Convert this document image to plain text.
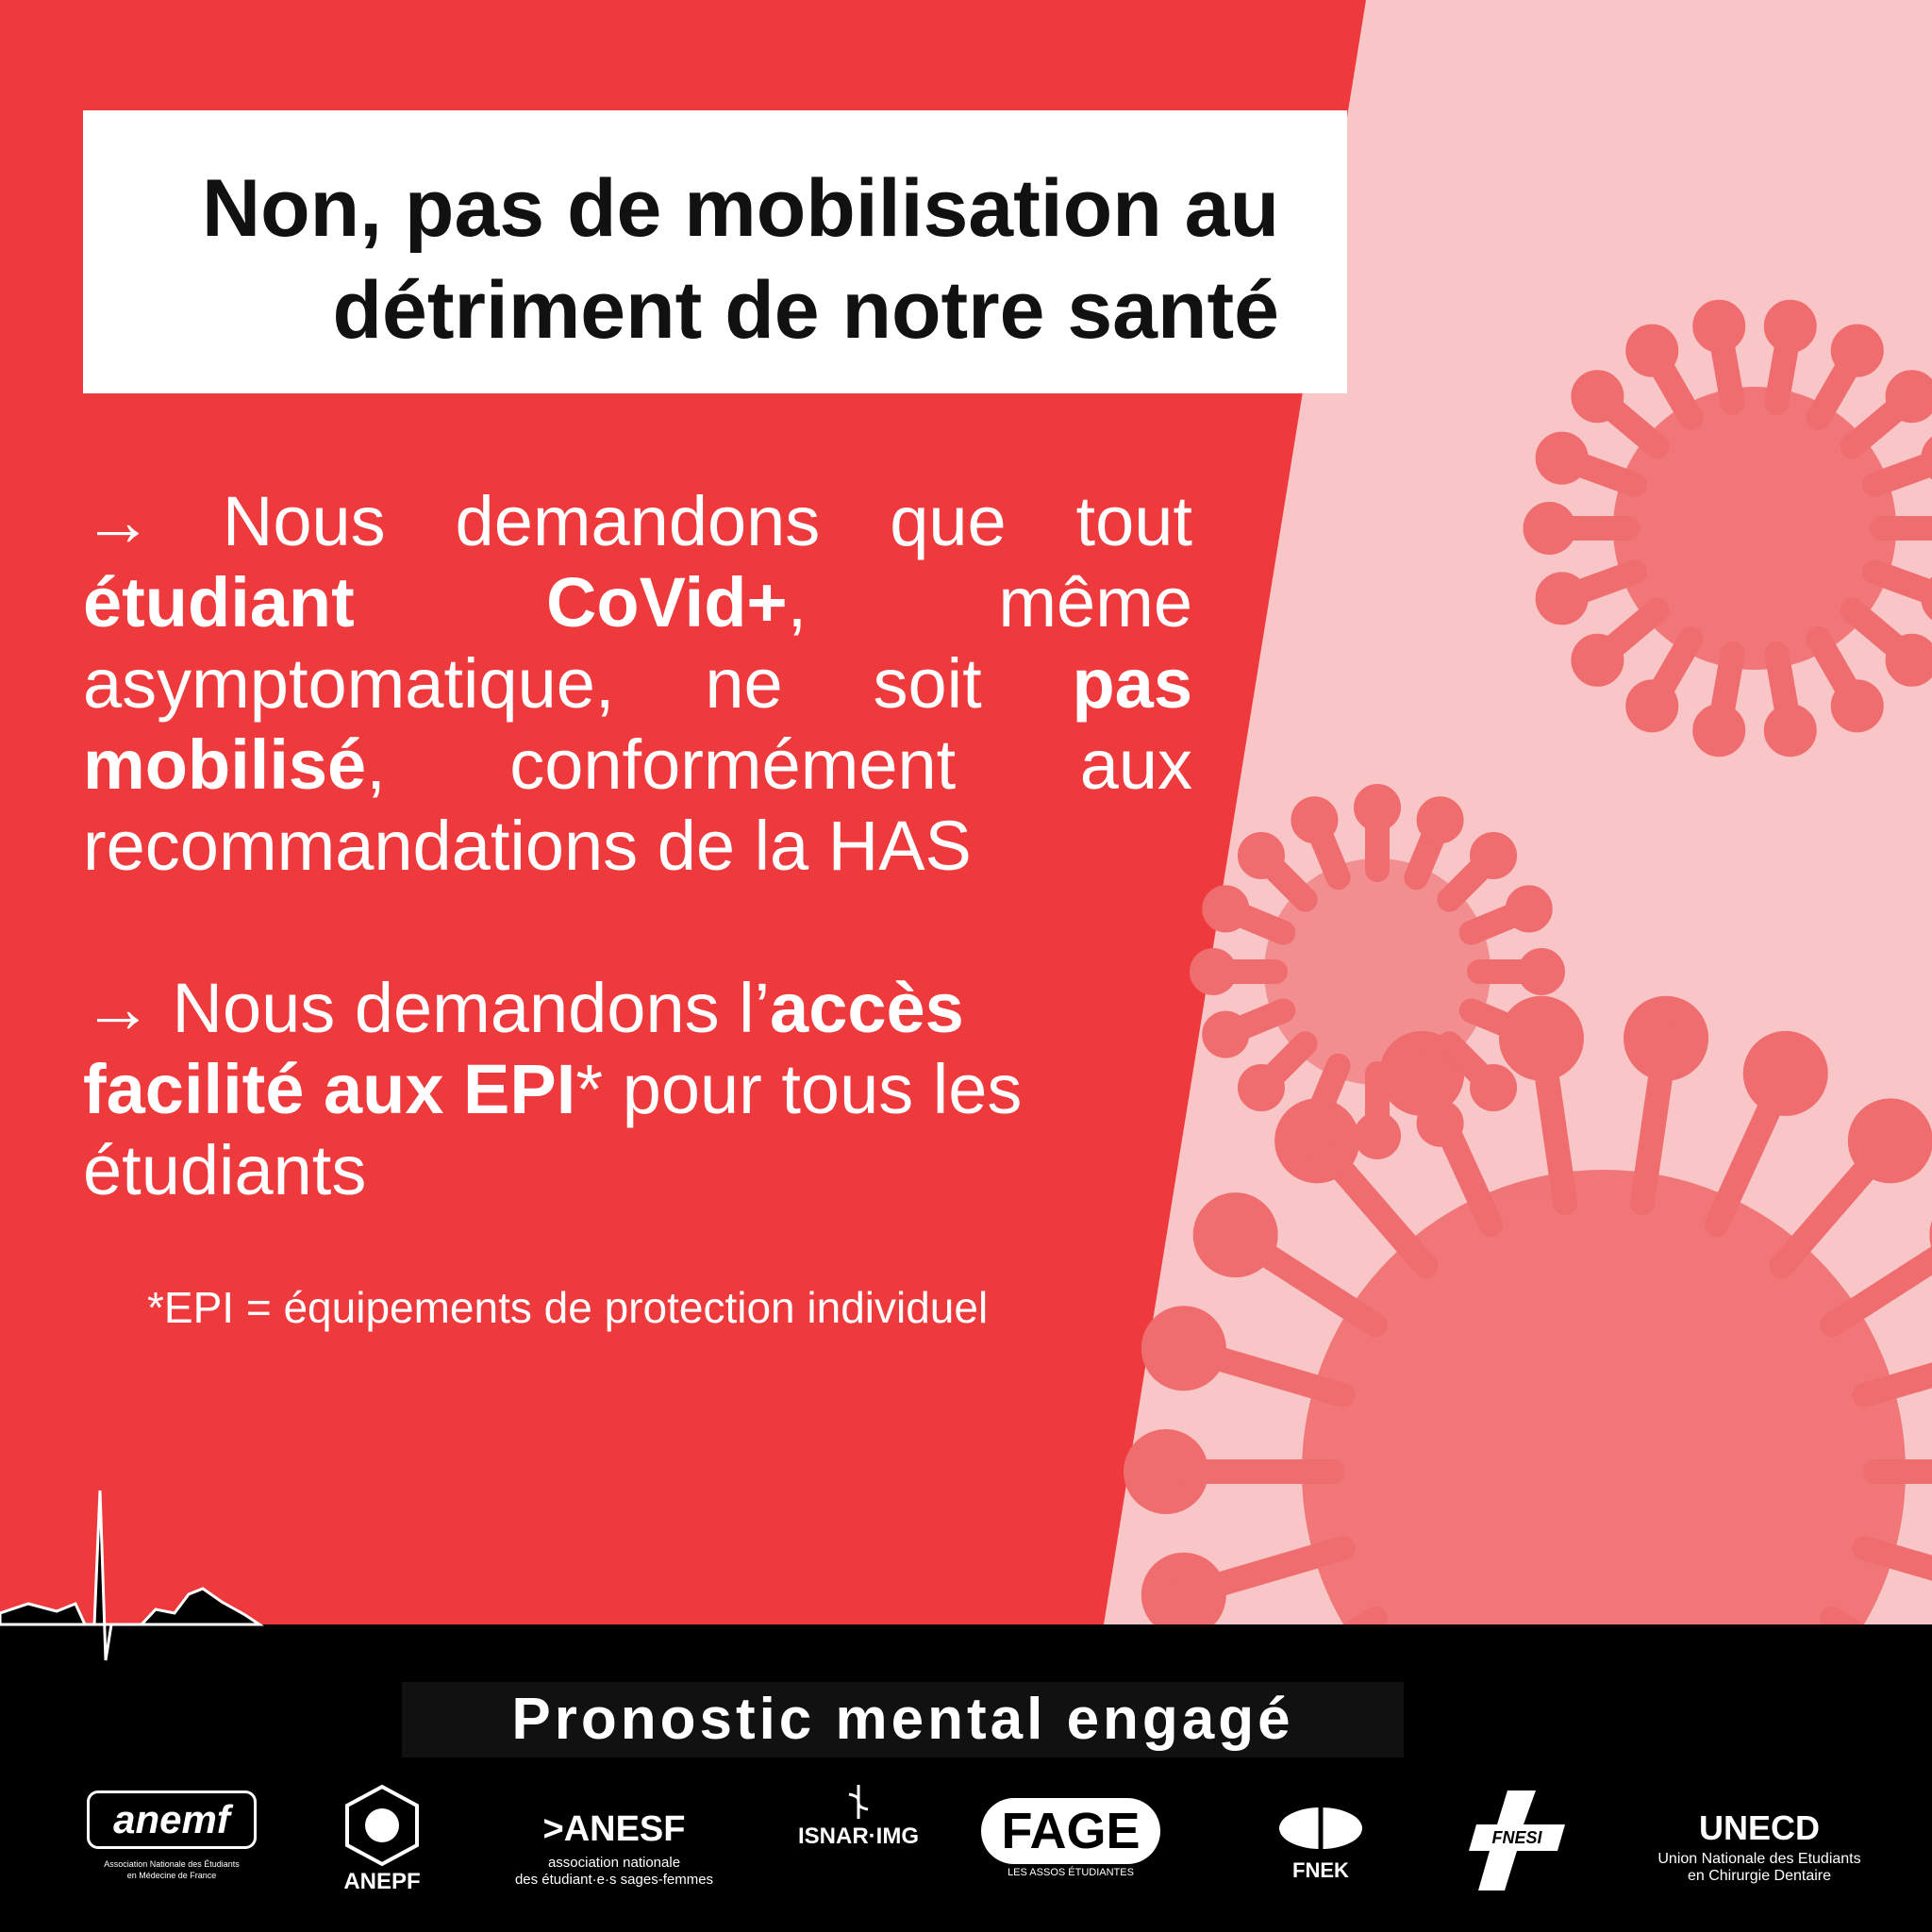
Non, pas de mobilisation au
détriment de notre santé

→ Nous demandons que tout étudiant CoVid+, même asymptomatique, ne soit pas mobilisé, conformément aux recommandations de la HAS

→ Nous demandons l’accès facilité aux EPI* pour tous les étudiants

*EPI = équipements de protection individuel

Pronostic mental engagé

anemf
Association Nationale des Étudiants
en Médecine de France	ANEPF
>ANESF
association nationale
des étudiant·e·s sages-femmes
ISNAR·IMG	FAGE
LES ASSOS ÉTUDIANTES	FNEK
FNESI	UNECD
Union Nationale des Etudiants
en Chirurgie Dentaire
